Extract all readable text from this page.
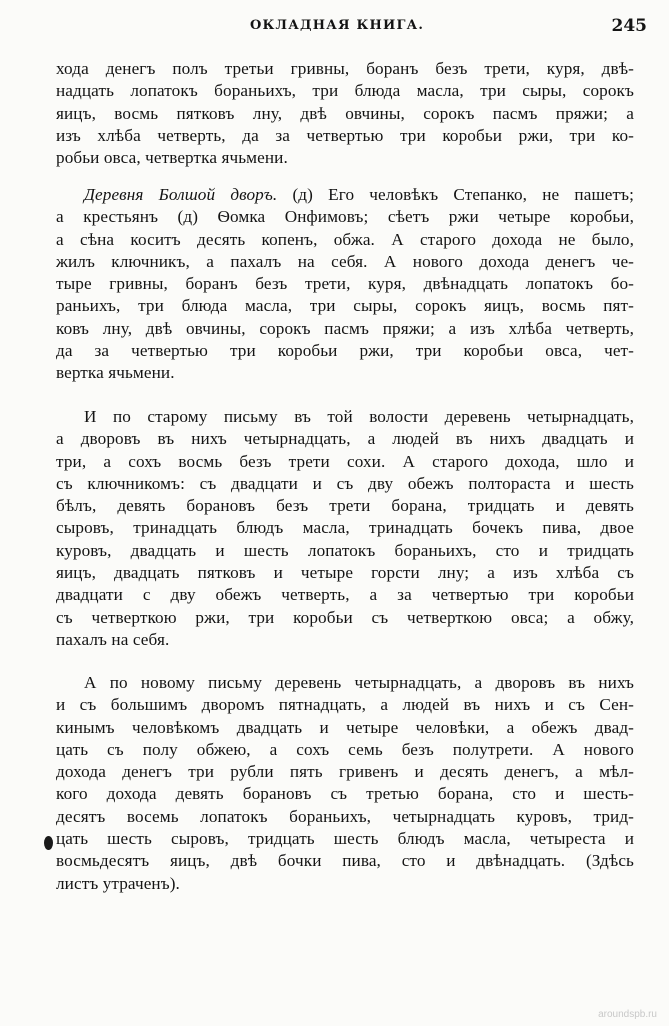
ОКЛАДНАЯ КНИГА.	245
хода денегъ полъ третьи гривны, боранъ безъ трети, куря, двѣ-
надцать лопатокъ бораньихъ, три блюда масла, три сыры, сорокъ
яицъ, восмь пятковъ лну, двѣ овчины, сорокъ пасмъ пряжи; а
изъ хлѣба четверть, да за четвертью три коробьи ржи, три ко-
робьи овса, четвертка ячьмени.
Деревня Болшой дворъ. (д) Его человѣкъ Степанко, не пашетъ;
а крестьянъ (д) Ѳомка Онфимовъ; сѣетъ ржи четыре коробьи,
а сѣна коситъ десять копенъ, обжа. А старого дохода не было,
жилъ ключникъ, а пахалъ на себя. А нового дохода денегъ че-
тыре гривны, боранъ безъ трети, куря, двѣнадцать лопатокъ бо-
раньихъ, три блюда масла, три сыры, сорокъ яицъ, восмь пят-
ковъ лну, двѣ овчины, сорокъ пасмъ пряжи; а изъ хлѣба четверть,
да за четвертью три коробьи ржи, три коробьи овса, чет-
вертка ячьмени.
И по старому письму въ той волости деревень четырнадцать,
а дворовъ въ нихъ четырнадцать, а людей въ нихъ двадцать и
три, а сохъ восмь безъ трети сохи. А старого дохода, шло и
съ ключникомъ: съ двадцати и съ дву обежъ полтораста и шесть
бѣлъ, девять борановъ безъ трети борана, тридцать и девять
сыровъ, тринадцать блюдъ масла, тринадцать бочекъ пива, двое
куровъ, двадцать и шесть лопатокъ бораньихъ, сто и тридцать
яицъ, двадцать пятковъ и четыре горсти лну; а изъ хлѣба съ
двадцати с дву обежъ четверть, а за четвертью три коробьи
съ четверткою ржи, три коробьи съ четверткою овса; а обжу,
пахалъ на себя.
А по новому письму деревень четырнадцать, а дворовъ въ нихъ
и съ большимъ дворомъ пятнадцать, а людей въ нихъ и съ Сен-
кинымъ человѣкомъ двадцать и четыре человѣки, а обежъ двад-
цать съ полу обжею, а сохъ семь безъ полутрети. А нового
дохода денегъ три рубли пять гривенъ и десять денегъ, а мѣл-
кого дохода девять борановъ съ третью борана, сто и шесть-
десятъ восемь лопатокъ бораньихъ, четырнадцать куровъ, трид-
цать шесть сыровъ, тридцать шесть блюдъ масла, четыреста и
восмьдесятъ яицъ, двѣ бочки пива, сто и двѣнадцать. (Здѣсь
листъ утраченъ).
aroundspb.ru
